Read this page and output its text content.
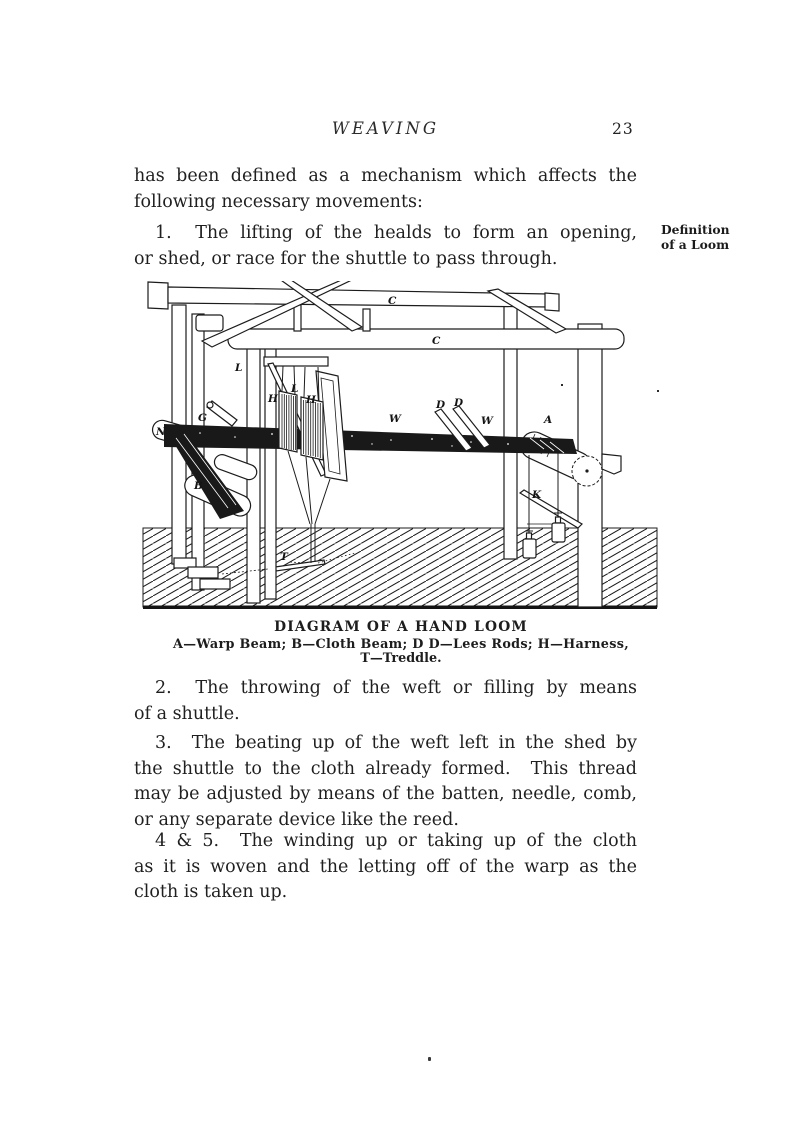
WEAVING	23
has been defined as a mechanism which affects the
following necessary movements:
1.  The lifting of the healds to form an opening,
or shed, or race for the shuttle to pass through.
Definition
of a Loom
C
C
L
L
H	H
G
N
B
W	W
D D
A
K
T
DIAGRAM OF A HAND LOOM
A—Warp Beam; B—Cloth Beam; D D—Lees Rods; H—Harness,
T—Treddle.
2.  The throwing of the weft or filling by means
of a shuttle.
3.  The beating up of the weft left in the shed by
the shuttle to the cloth already formed.  This thread
may be adjusted by means of the batten, needle, comb,
or any separate device like the reed.
4 & 5.  The winding up or taking up of the cloth
as it is woven and the letting off of the warp as the
cloth is taken up.
